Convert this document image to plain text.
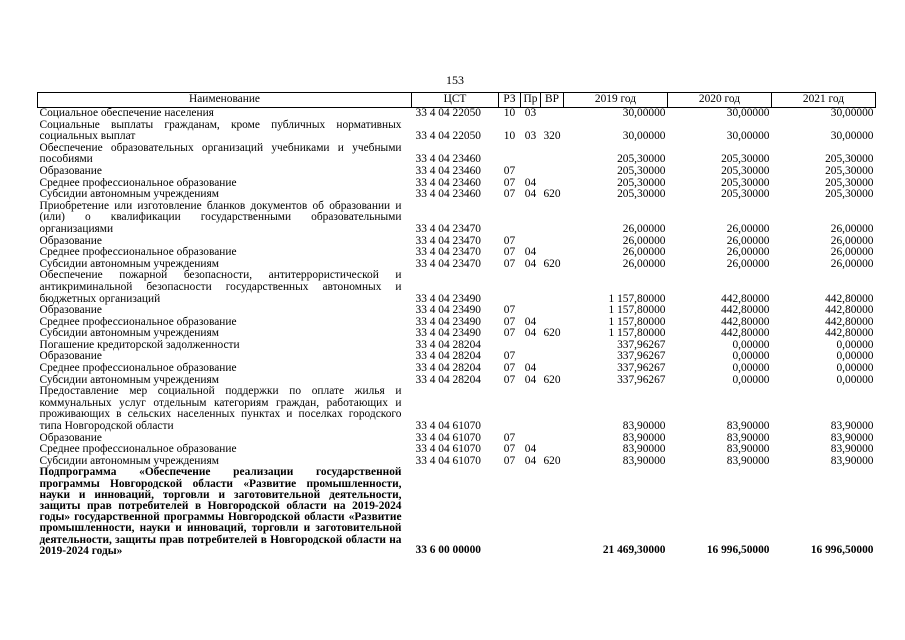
153
Наименование	ЦСТ	РЗ	Пр	ВР	2019 год	2020 год	2021 год
Социальное обеспечение населения	33 4 04 22050	10	03		30,00000	30,00000	30,00000
Социальные выплаты гражданам, кроме публичных нормативных социальных выплат	33 4 04 22050	10	03	320	30,00000	30,00000	30,00000
Обеспечение образовательных организаций учебниками и учебными пособиями	33 4 04 23460				205,30000	205,30000	205,30000
Образование	33 4 04 23460	07			205,30000	205,30000	205,30000
Среднее профессиональное образование	33 4 04 23460	07	04		205,30000	205,30000	205,30000
Субсидии автономным учреждениям	33 4 04 23460	07	04	620	205,30000	205,30000	205,30000
Приобретение или изготовление бланков документов об образовании и (или) о квалификации государственными образовательными организациями	33 4 04 23470				26,00000	26,00000	26,00000
Образование	33 4 04 23470	07			26,00000	26,00000	26,00000
Среднее профессиональное образование	33 4 04 23470	07	04		26,00000	26,00000	26,00000
Субсидии автономным учреждениям	33 4 04 23470	07	04	620	26,00000	26,00000	26,00000
Обеспечение пожарной безопасности, антитеррористической и антикриминальной безопасности государственных автономных и бюджетных организаций	33 4 04 23490				1 157,80000	442,80000	442,80000
Образование	33 4 04 23490	07			1 157,80000	442,80000	442,80000
Среднее профессиональное образование	33 4 04 23490	07	04		1 157,80000	442,80000	442,80000
Субсидии автономным учреждениям	33 4 04 23490	07	04	620	1 157,80000	442,80000	442,80000
Погашение кредиторской задолженности	33 4 04 28204				337,96267	0,00000	0,00000
Образование	33 4 04 28204	07			337,96267	0,00000	0,00000
Среднее профессиональное образование	33 4 04 28204	07	04		337,96267	0,00000	0,00000
Субсидии автономным учреждениям	33 4 04 28204	07	04	620	337,96267	0,00000	0,00000
Предоставление мер социальной поддержки по оплате жилья и коммунальных услуг отдельным категориям граждан, работающих и проживающих в сельских населенных пунктах и поселках городского типа Новгородской области	33 4 04 61070				83,90000	83,90000	83,90000
Образование	33 4 04 61070	07			83,90000	83,90000	83,90000
Среднее профессиональное образование	33 4 04 61070	07	04		83,90000	83,90000	83,90000
Субсидии автономным учреждениям	33 4 04 61070	07	04	620	83,90000	83,90000	83,90000
Подпрограмма «Обеспечение реализации государственной программы Новгородской области «Развитие промышленности, науки и инноваций, торговли и заготовительной деятельности, защиты прав потребителей в Новгородской области на 2019-2024 годы» государственной программы Новгородской области «Развитие промышленности, науки и инноваций, торговли и заготовительной деятельности, защиты прав потребителей в Новгородской области на 2019-2024 годы»	33 6 00 00000				21 469,30000	16 996,50000	16 996,50000
